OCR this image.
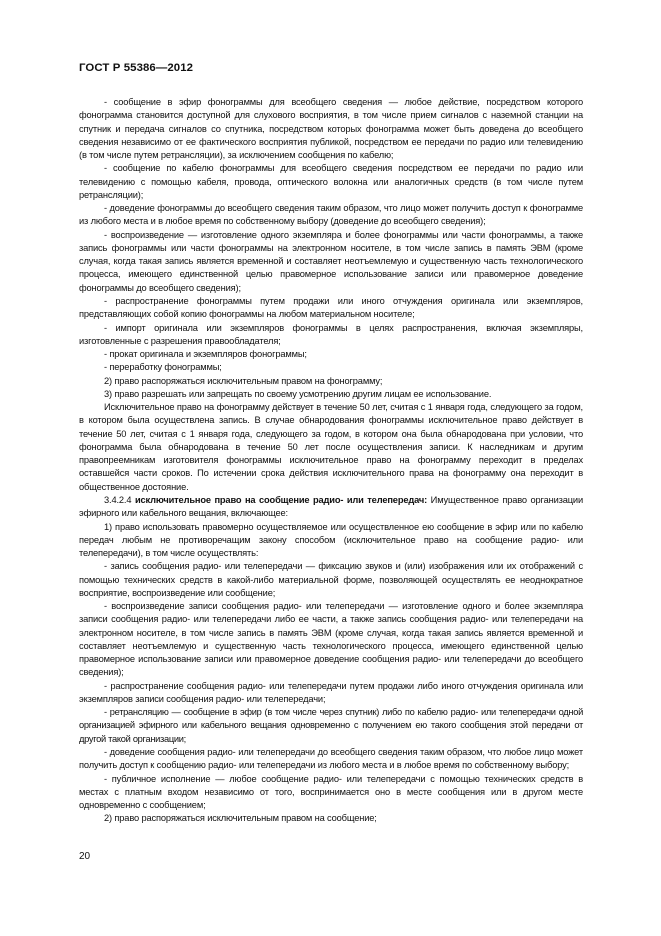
ГОСТ Р 55386—2012

- сообщение в эфир фонограммы для всеобщего сведения — любое действие, посредством которого фонограмма становится доступной для слухового восприятия, в том числе прием сигналов с наземной станции на спутник и передача сигналов со спутника, посредством которых фонограмма может быть доведена до всеобщего сведения независимо от ее фактического восприятия публикой, посредством ее передачи по радио или телевидению (в том числе путем ретрансляции), за исключением сообщения по кабелю;

- сообщение по кабелю фонограммы для всеобщего сведения посредством ее передачи по радио или телевидению с помощью кабеля, провода, оптического волокна или аналогичных средств (в том числе путем ретрансляции);

- доведение фонограммы до всеобщего сведения таким образом, что лицо может получить доступ к фонограмме из любого места и в любое время по собственному выбору (доведение до всеобщего сведения);

- воспроизведение — изготовление одного экземпляра и более фонограммы или части фонограммы, а также запись фонограммы или части фонограммы на электронном носителе, в том числе запись в память ЭВМ (кроме случая, когда такая запись является временной и составляет неотъемлемую и существенную часть технологического процесса, имеющего единственной целью правомерное использование записи или правомерное доведение фонограммы до всеобщего сведения);

- распространение фонограммы путем продажи или иного отчуждения оригинала или экземпляров, представляющих собой копию фонограммы на любом материальном носителе;

- импорт оригинала или экземпляров фонограммы в целях распространения, включая экземпляры, изготовленные с разрешения правообладателя;

- прокат оригинала и экземпляров фонограммы;

- переработку фонограммы;

2) право распоряжаться исключительным правом на фонограмму;

3) право разрешать или запрещать по своему усмотрению другим лицам ее использование.

Исключительное право на фонограмму действует в течение 50 лет, считая с 1 января года, следующего за годом, в котором была осуществлена запись. В случае обнародования фонограммы исключительное право действует в течение 50 лет, считая с 1 января года, следующего за годом, в котором она была обнародована при условии, что фонограмма была обнародована в течение 50 лет после осуществления записи. К наследникам и другим правопреемникам изготовителя фонограммы исключительное право на фонограмму переходит в пределах оставшейся части сроков. По истечении срока действия исключительного права на фонограмму она переходит в общественное достояние.

3.4.2.4 исключительное право на сообщение радио- или телепередач: Имущественное право организации эфирного или кабельного вещания, включающее:

1) право использовать правомерно осуществляемое или осуществленное ею сообщение в эфир или по кабелю передач любым не противоречащим закону способом (исключительное право на сообщение радио- или телепередачи), в том числе осуществлять:

- запись сообщения радио- или телепередачи — фиксацию звуков и (или) изображения или их отображений с помощью технических средств в какой-либо материальной форме, позволяющей осуществлять ее неоднократное восприятие, воспроизведение или сообщение;

- воспроизведение записи сообщения радио- или телепередачи — изготовление одного и более экземпляра записи сообщения радио- или телепередачи либо ее части, а также запись сообщения радио- или телепередачи на электронном носителе, в том числе запись в память ЭВМ (кроме случая, когда такая запись является временной и составляет неотъемлемую и существенную часть технологического процесса, имеющего единственной целью правомерное использование записи или правомерное доведение сообщения радио- или телепередачи до всеобщего сведения);

- распространение сообщения радио- или телепередачи путем продажи либо иного отчуждения оригинала или экземпляров записи сообщения радио- или телепередачи;

- ретрансляцию — сообщение в эфир (в том числе через спутник) либо по кабелю радио- или телепередачи одной организацией эфирного или кабельного вещания одновременно с получением ею такого сообщения этой передачи от другой такой организации;

- доведение сообщения радио- или телепередачи до всеобщего сведения таким образом, что любое лицо может получить доступ к сообщению радио- или телепередачи из любого места и в любое время по собственному выбору;

- публичное исполнение — любое сообщение радио- или телепередачи с помощью технических средств в местах с платным входом независимо от того, воспринимается оно в месте сообщения или в другом месте одновременно с сообщением;

2) право распоряжаться исключительным правом на сообщение;

20
